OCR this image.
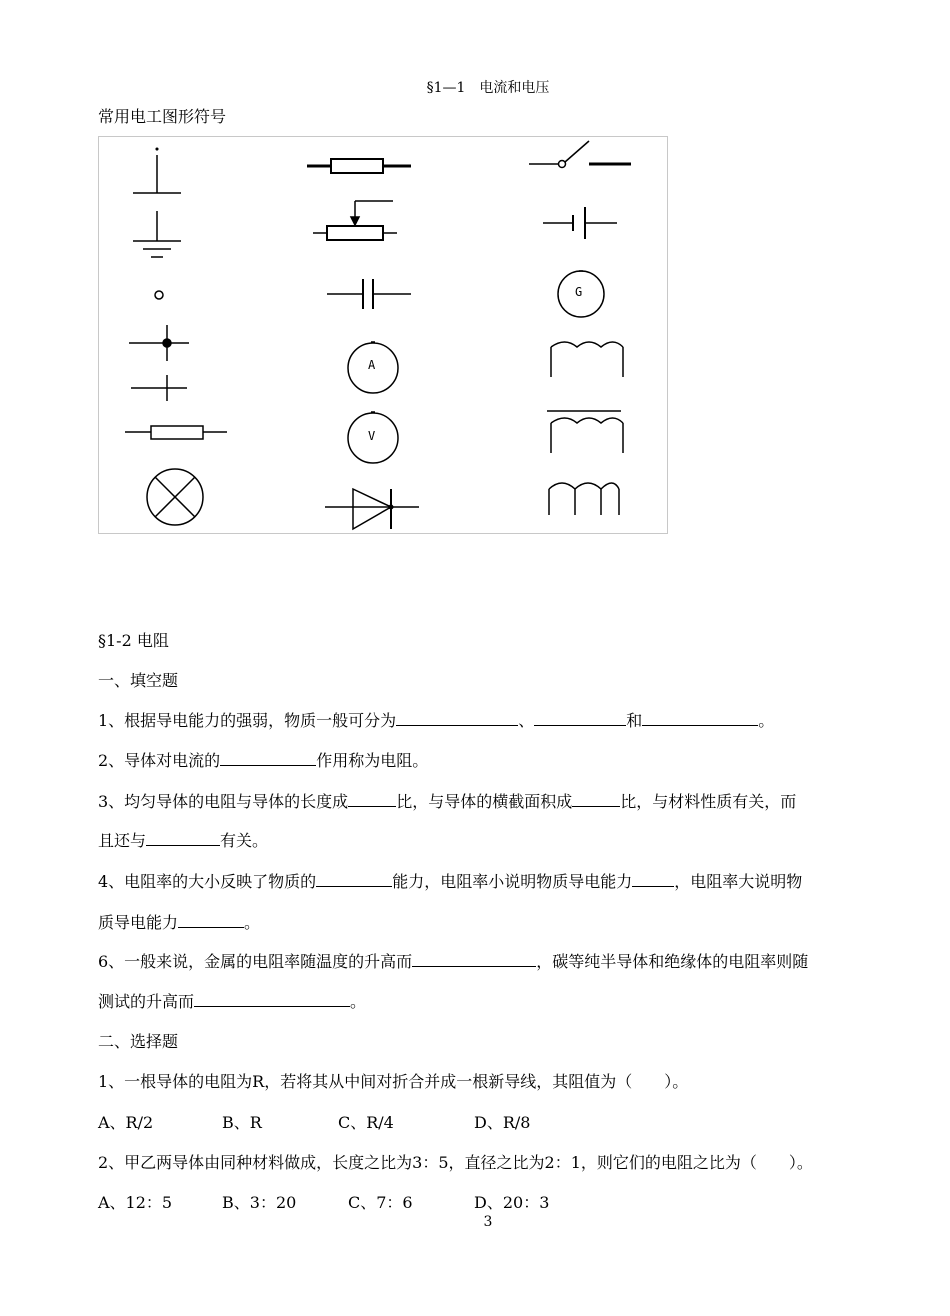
§1—1　电流和电压
常用电工图形符号
G
A
V
§1-2 电阻
一、填空题
1、根据导电能力的强弱，物质一般可分为	、	和	。
2、导体对电流的	作用称为电阻。
3、均匀导体的电阻与导体的长度成	比，与导体的横截面积成	比，与材料性质有关，而
且还与	有关。
4、电阻率的大小反映了物质的	能力，电阻率小说明物质导电能力	，电阻率大说明物
质导电能力	。
6、一般来说，金属的电阻率随温度的升高而	，碳等纯半导体和绝缘体的电阻率则随
测试的升高而	。
二、选择题
1、一根导体的电阻为R，若将其从中间对折合并成一根新导线，其阻值为（　　）。
A、R/2	B、R	C、R/4	D、R/8
2、甲乙两导体由同种材料做成，长度之比为3：5，直径之比为2：1，则它们的电阻之比为（　　）。
A、12：5	B、3：20	C、7：6	D、20：3
3
